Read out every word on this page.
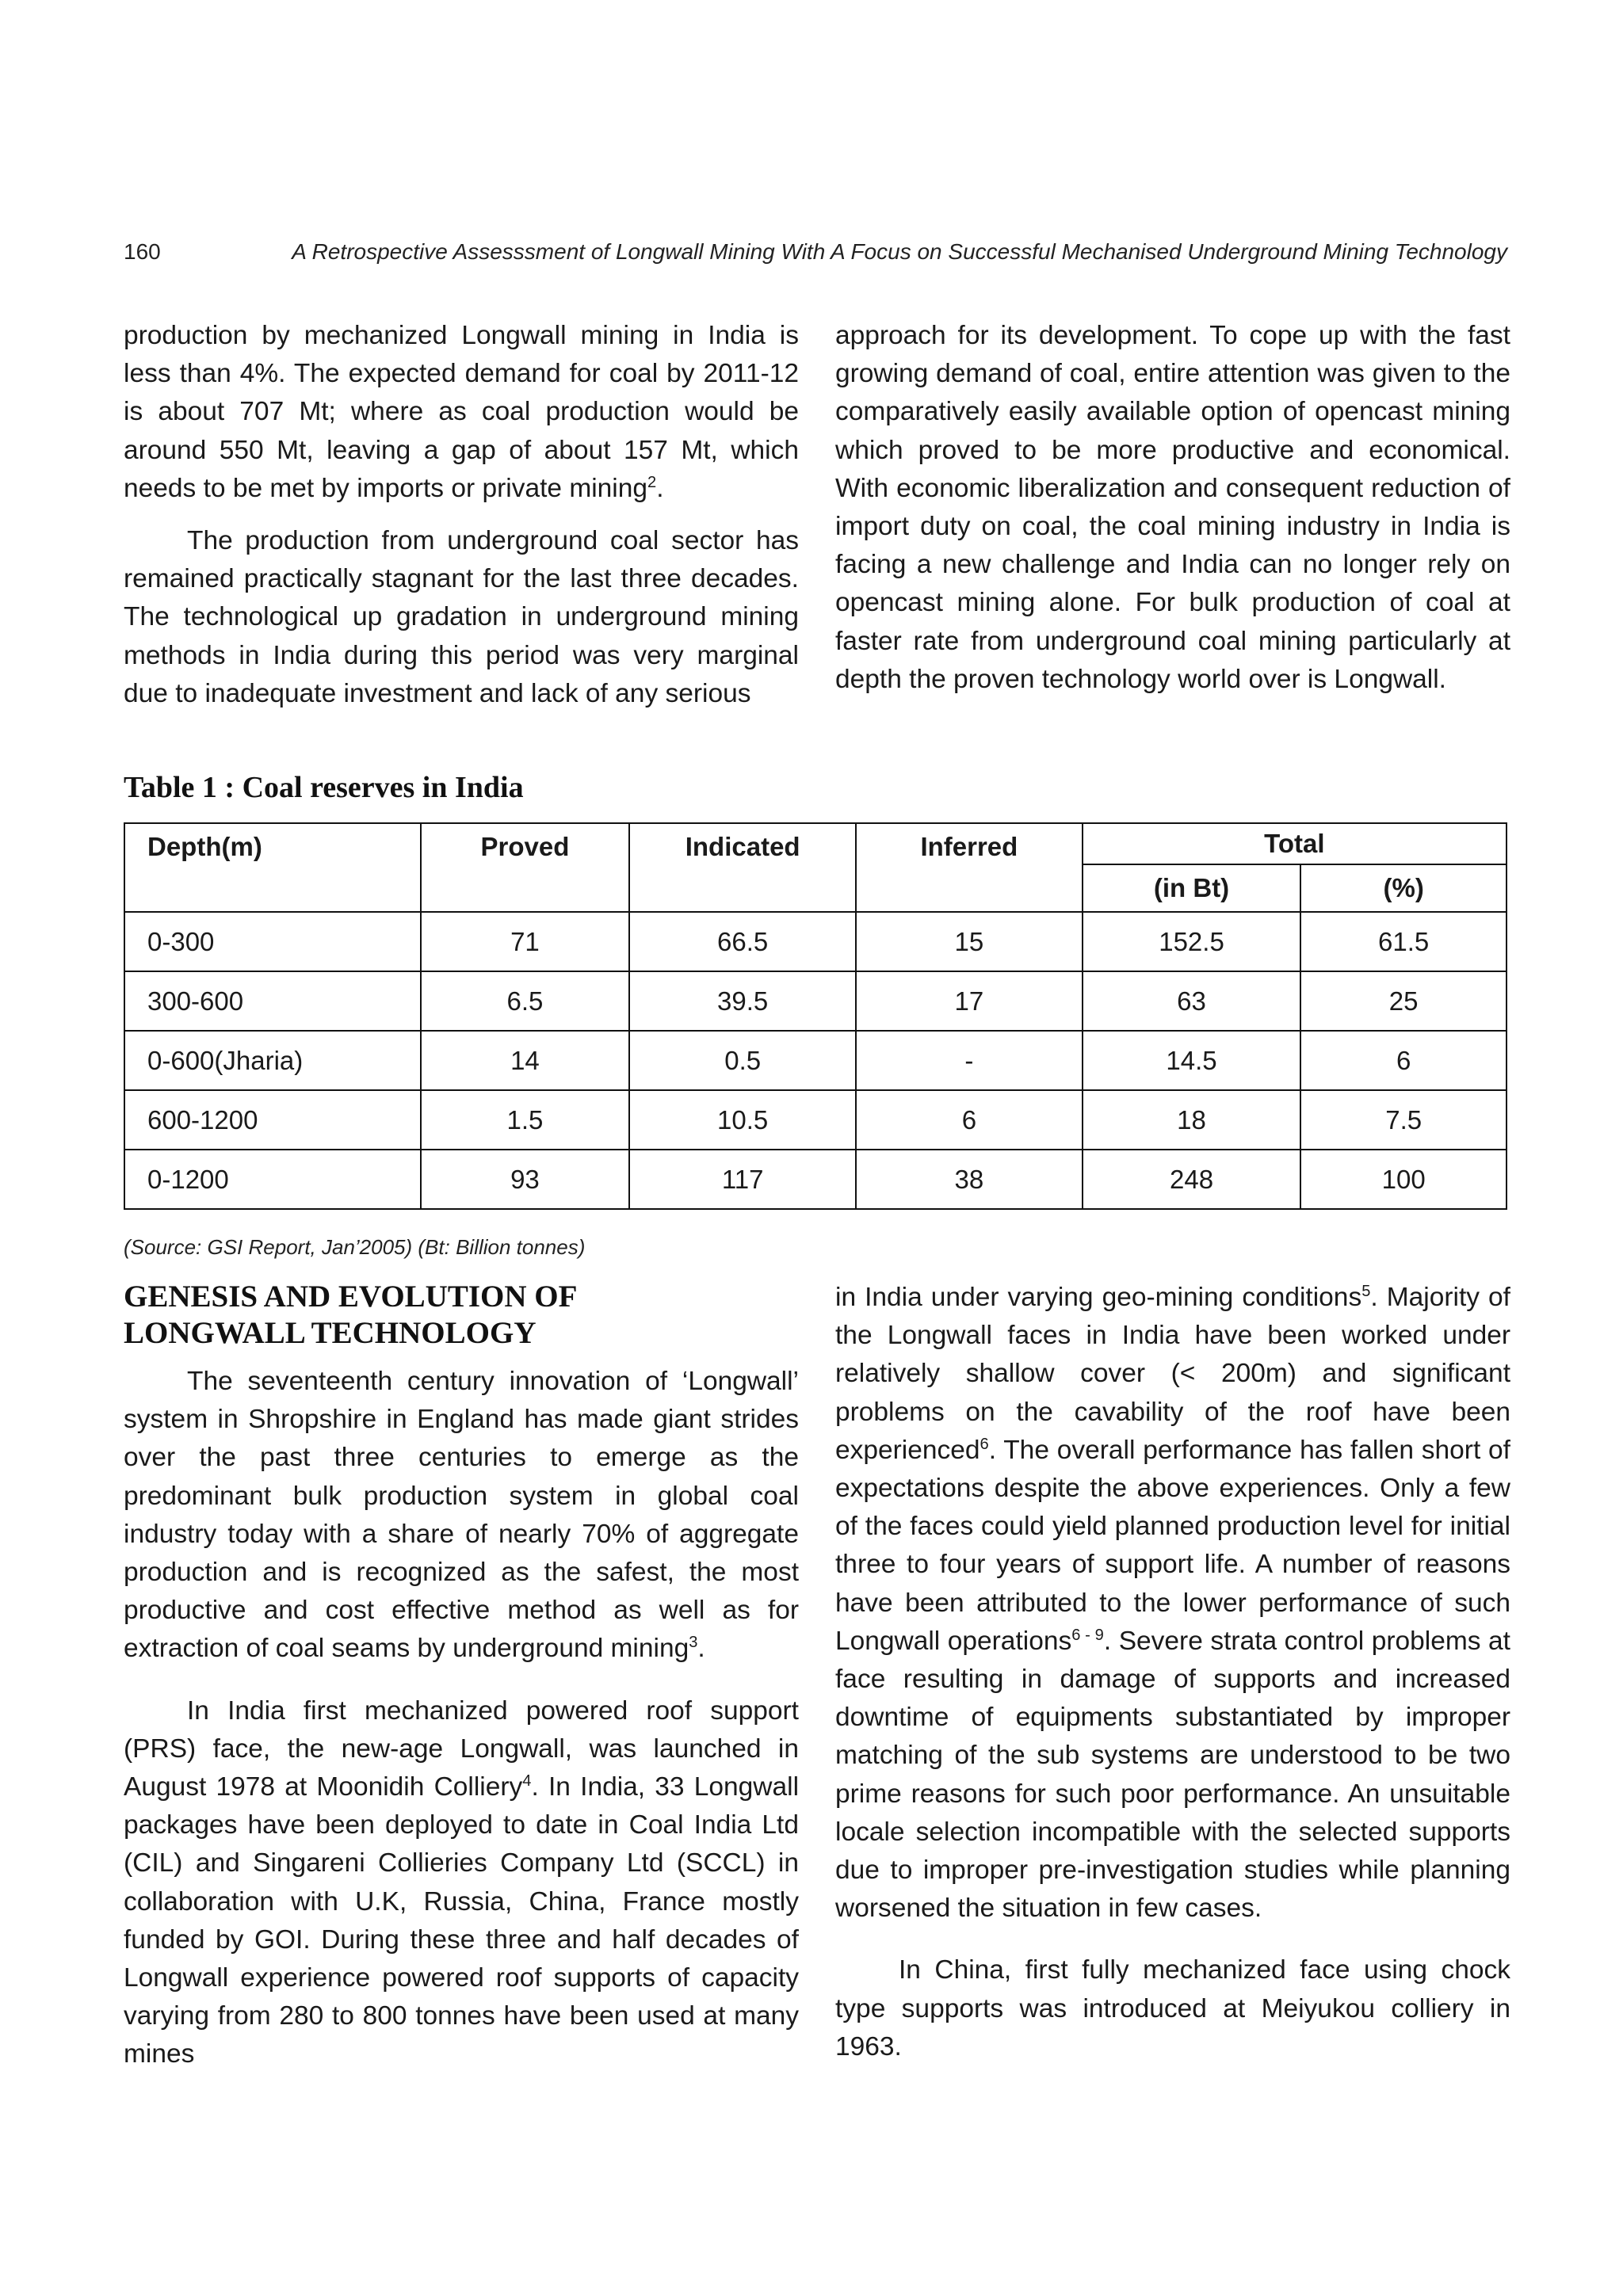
160	A Retrospective Assesssment of Longwall Mining With A Focus on Successful Mechanised Underground Mining Technology

production by mechanized Longwall mining in India is less than 4%. The expected demand for coal by 2011-12 is about 707 Mt; where as coal production would be around 550 Mt, leaving a gap of about 157 Mt, which needs to be met by imports or private mining$^2$.

The production from underground coal sector has remained practically stagnant for the last three decades. The technological up gradation in underground mining methods in India during this period was very marginal due to inadequate investment and lack of any serious

approach for its development. To cope up with the fast growing demand of coal, entire attention was given to the comparatively easily available option of opencast mining which proved to be more productive and economical. With economic liberalization and consequent reduction of import duty on coal, the coal mining industry in India is facing a new challenge and India can no longer rely on opencast mining alone. For bulk production of coal at faster rate from underground coal mining particularly at depth the proven technology world over is Longwall.

Table 1 : Coal reserves in India
Depth(m)	Proved	Indicated	Inferred	Total	
				(in Bt)	(%)
0-300	71	66.5	15	152.5	61.5
300-600	6.5	39.5	17	63	25
0-600(Jharia)	14	0.5	-	14.5	6
600-1200	1.5	10.5	6	18	7.5
0-1200	93	117	38	248	100
(Source: GSI Report, Jan’2005) (Bt: Billion tonnes)
GENESIS AND EVOLUTION OF
LONGWALL TECHNOLOGY

The seventeenth century innovation of ‘Longwall’ system in Shropshire in England has made giant strides over the past three centuries to emerge as the predominant bulk production system in global coal industry today with a share of nearly 70% of aggregate production and is recognized as the safest, the most productive and cost effective method as well as for extraction of coal seams by underground mining$^3$.

In India first mechanized powered roof support (PRS) face, the new-age Longwall, was launched in August 1978 at Moonidih Colliery$^4$. In India, 33 Longwall packages have been deployed to date in Coal India Ltd (CIL) and Singareni Collieries Company Ltd (SCCL) in collaboration with U.K, Russia, China, France mostly funded by GOI. During these three and half decades of Longwall experience powered roof supports of capacity varying from 280 to 800 tonnes have been used at many mines

in India under varying geo-mining conditions$^5$. Majority of the Longwall faces in India have been worked under relatively shallow cover (< 200m) and significant problems on the cavability of the roof have been experienced$^6$. The overall performance has fallen short of expectations despite the above experiences. Only a few of the faces could yield planned production level for initial three to four years of support life. A number of reasons have been attributed to the lower performance of such Longwall operations$^{6 - 9}$. Severe strata control problems at face resulting in damage of supports and increased downtime of equipments substantiated by improper matching of the sub systems are understood to be two prime reasons for such poor performance. An unsuitable locale selection incompatible with the selected supports due to improper pre-investigation studies while planning worsened the situation in few cases.

In China, first fully mechanized face using chock type supports was introduced at Meiyukou colliery in 1963.
